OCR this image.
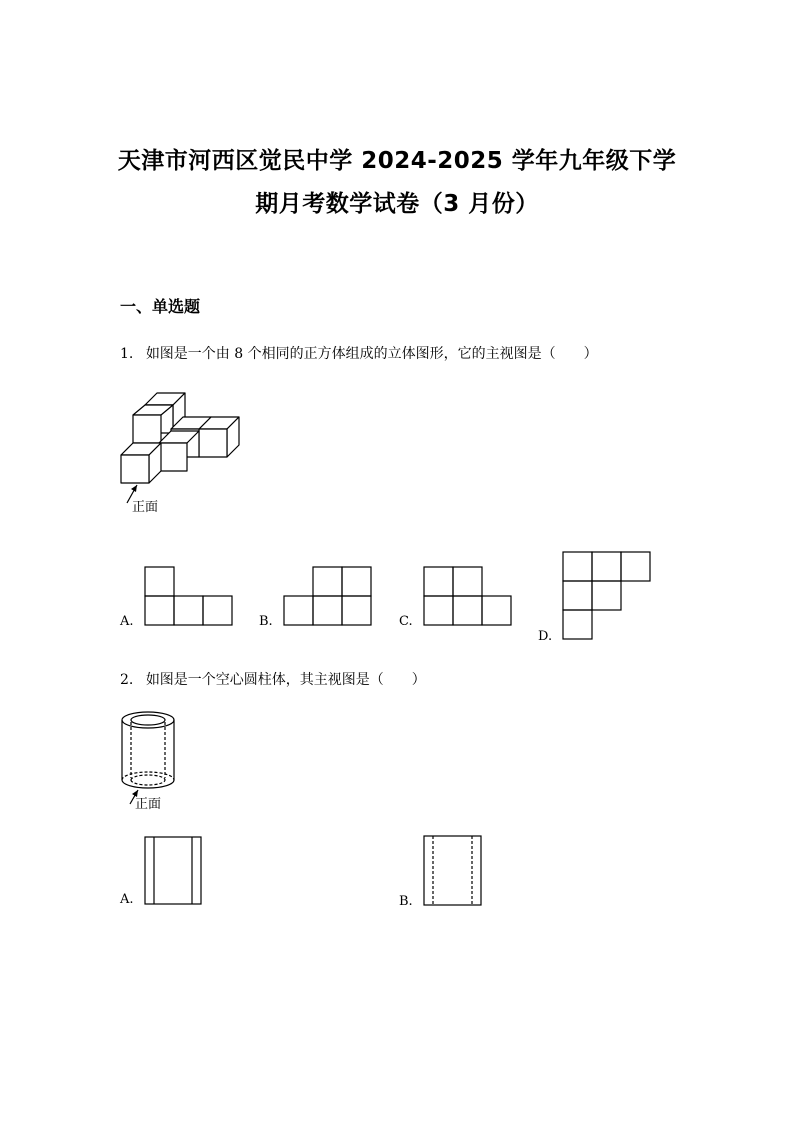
天津市河西区觉民中学 2024-2025 学年九年级下学
期月考数学试卷（3 月份）
一、单选题
1. 如图是一个由 8 个相同的正方体组成的立体图形，它的主视图是（　　）
正面
A.	B.	C.
D.
2. 如图是一个空心圆柱体，其主视图是（　　）
正面
A.	B.
